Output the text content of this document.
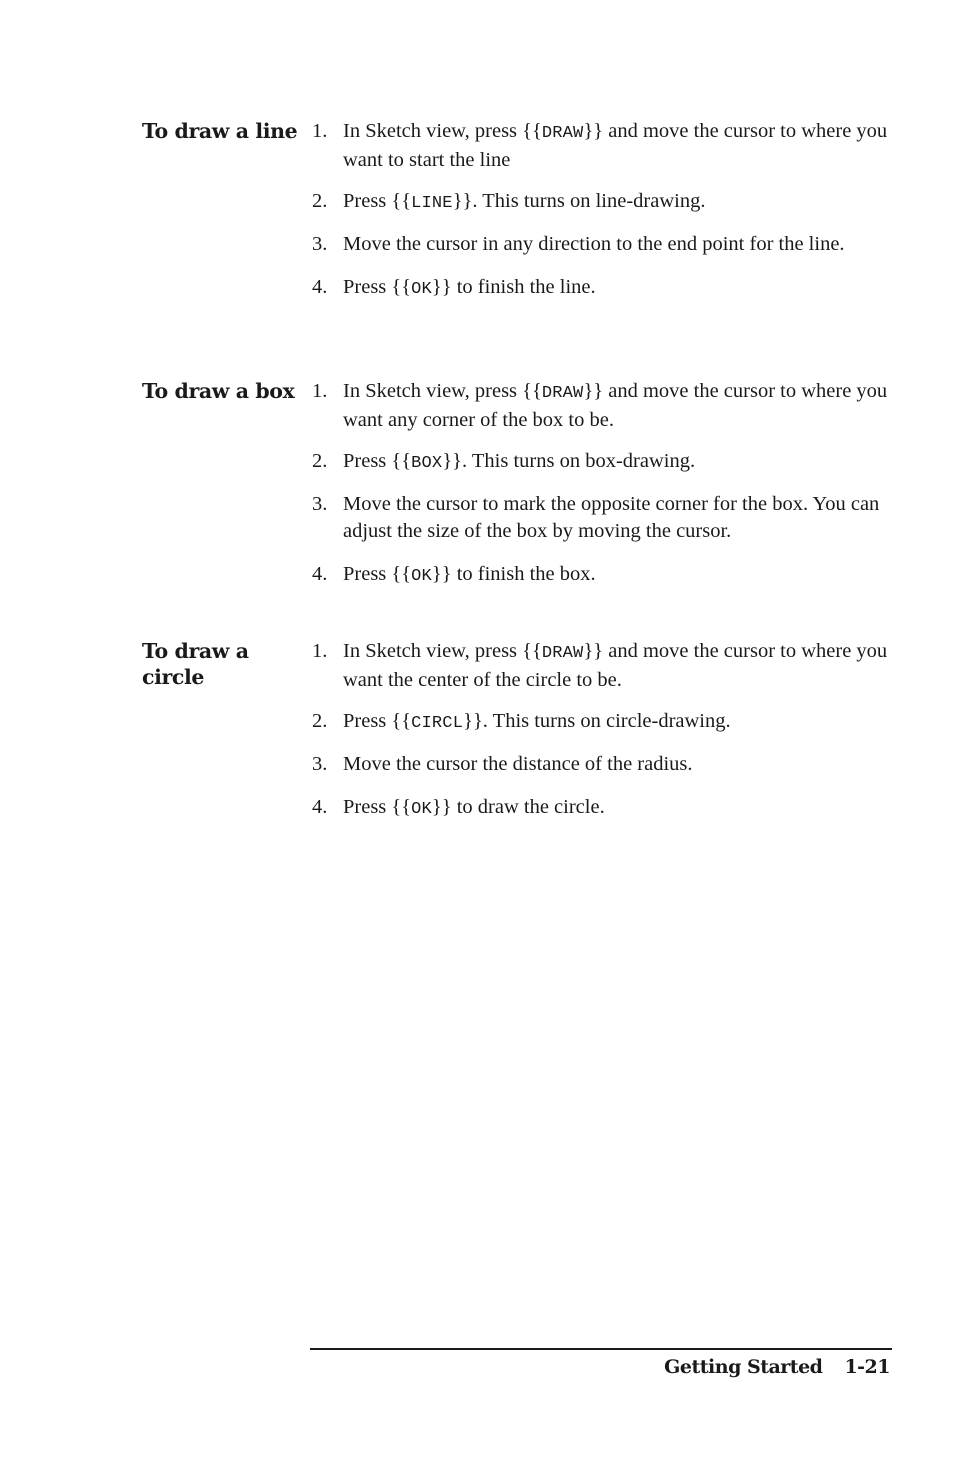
To draw a line 1. In Sketch view, press {{DRAW}} and move the cursor to where you want to start the line
2. Press {{LINE}}. This turns on line-drawing.
3. Move the cursor in any direction to the end point for the line.
4. Press {{OK}} to finish the line.
To draw a box 1. In Sketch view, press {{DRAW}} and move the cursor to where you want any corner of the box to be.
2. Press {{BOX}}. This turns on box-drawing.
3. Move the cursor to mark the opposite corner for the box. You can adjust the size of the box by moving the cursor.
4. Press {{OK}} to finish the box.
To draw a circle
1. In Sketch view, press {{DRAW}} and move the cursor to where you want the center of the circle to be.
2. Press {{CIRCL}}. This turns on circle-drawing.
3. Move the cursor the distance of the radius.
4. Press {{OK}} to draw the circle.
Getting Started 1-21
